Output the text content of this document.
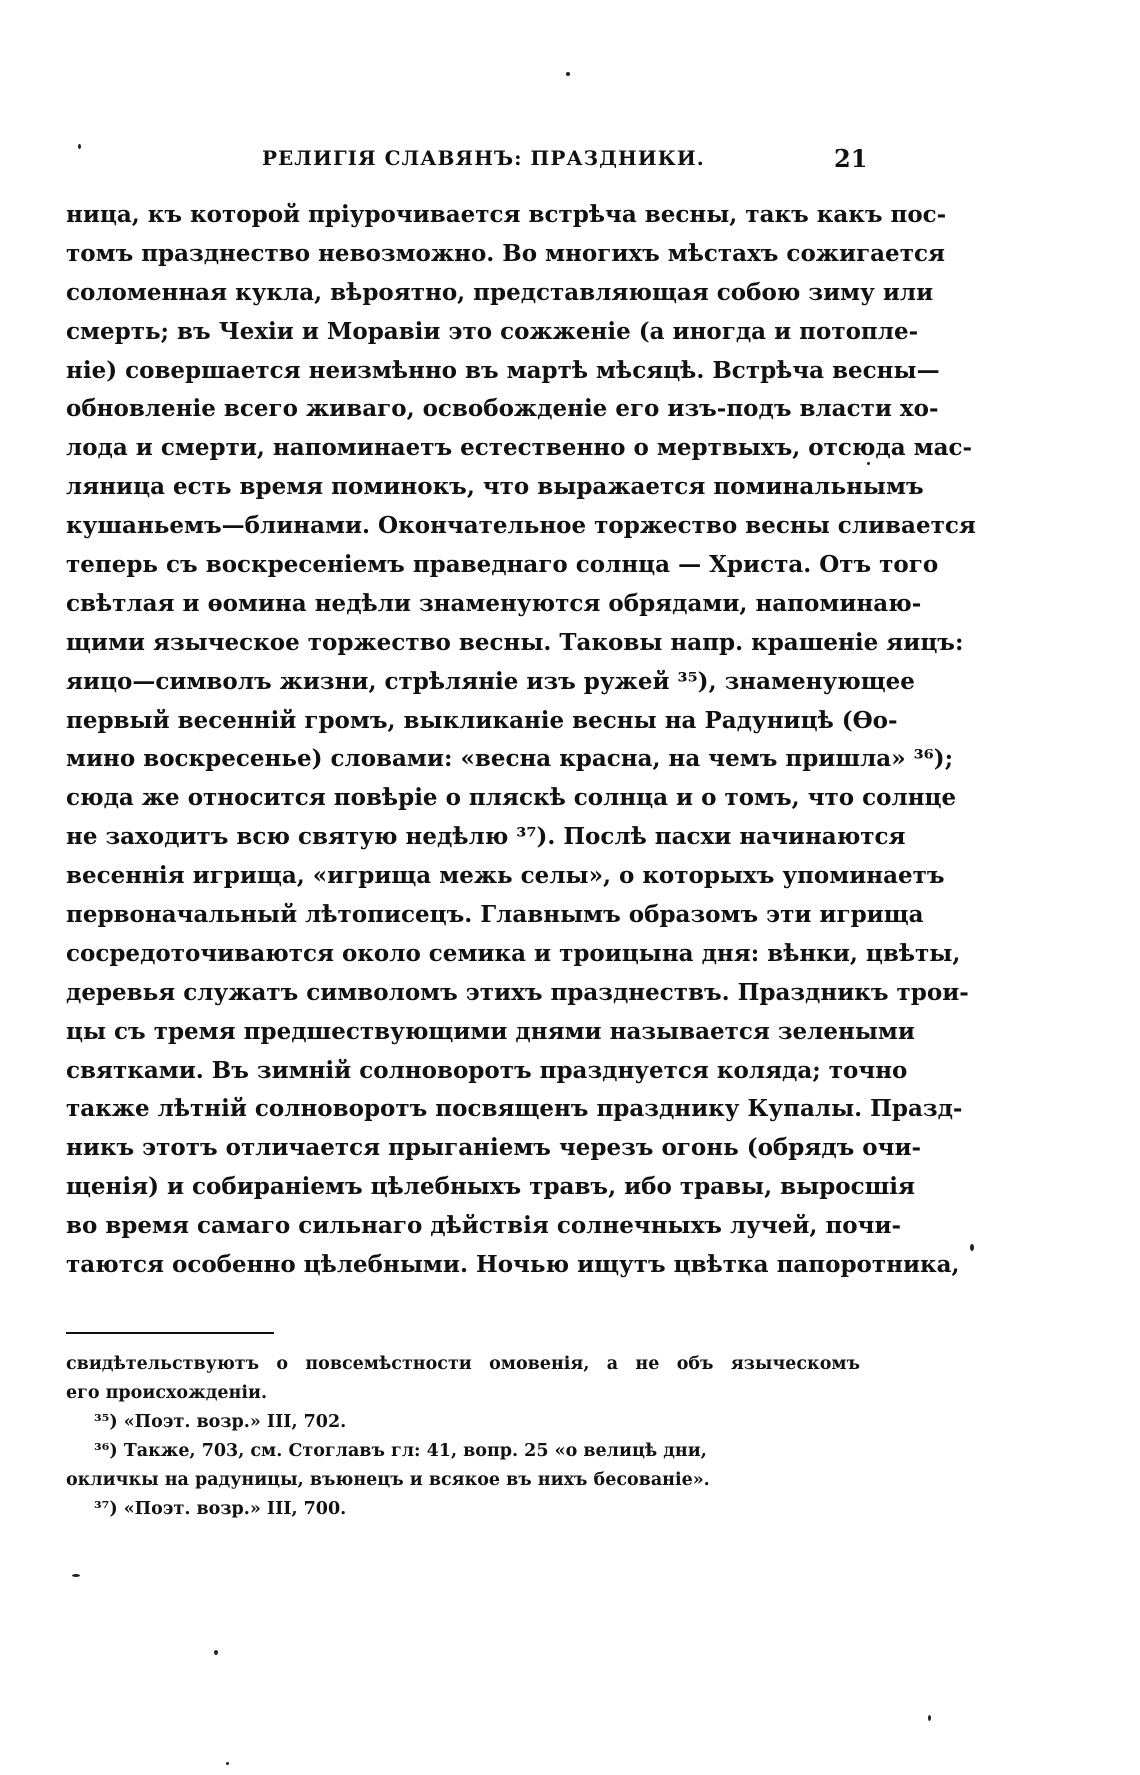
РЕЛИГІЯ СЛАВЯНЪ: ПРАЗДНИКИ.	21
ница, къ которой пріурочивается встрѣча весны, такъ какъ пос-
томъ празднество невозможно. Во многихъ мѣстахъ сожигается
соломенная кукла, вѣроятно, представляющая собою зиму или
смерть; въ Чехіи и Моравіи это сожженіе (а иногда и потопле-
ніе) совершается неизмѣнно въ мартѣ мѣсяцѣ. Встрѣча весны—
обновленіе всего живаго, освобожденіе его изъ-подъ власти хо-
лода и смерти, напоминаетъ естественно о мертвыхъ, отсюда мас-
ляница есть время поминокъ, что выражается поминальнымъ
кушаньемъ—блинами. Окончательное торжество весны сливается
теперь съ воскресеніемъ праведнаго солнца — Христа. Отъ того
свѣтлая и ѳомина недѣли знаменуются обрядами, напоминаю-
щими языческое торжество весны. Таковы напр. крашеніе яицъ:
яицо—символъ жизни, стрѣляніе изъ ружей ³⁵), знаменующее
первый весенній громъ, выкликаніе весны на Радуницѣ (Ѳо-
мино воскресенье) словами: «весна красна, на чемъ пришла» ³⁶);
сюда же относится повѣріе о пляскѣ солнца и о томъ, что солнце
не заходитъ всю святую недѣлю ³⁷). Послѣ пасхи начинаются
весеннія игрища, «игрища межь селы», о которыхъ упоминаетъ
первоначальный лѣтописецъ. Главнымъ образомъ эти игрища
сосредоточиваются около семика и троицына дня: вѣнки, цвѣты,
деревья служатъ символомъ этихъ празднествъ. Праздникъ трои-
цы съ тремя предшествующими днями называется зелеными
святками. Въ зимній солноворотъ празднуется коляда; точно
также лѣтній солноворотъ посвященъ празднику Купалы. Празд-
никъ этотъ отличается прыганіемъ черезъ огонь (обрядъ очи-
щенія) и собираніемъ цѣлебныхъ травъ, ибо травы, выросшія
во время самаго сильнаго дѣйствія солнечныхъ лучей, почи-
таются особенно цѣлебными. Ночью ищутъ цвѣтка папоротника,
свидѣтельствуютъ о повсемѣстности омовенія, а не объ языческомъ
его происхожденіи.
³⁵) «Поэт. возр.» III, 702.
³⁶) Также, 703, см. Стоглавъ гл: 41, вопр. 25 «о велицѣ дни,
окличкы на радуницы, въюнецъ и всякое въ нихъ бесованіе».
³⁷) «Поэт. возр.» III, 700.
